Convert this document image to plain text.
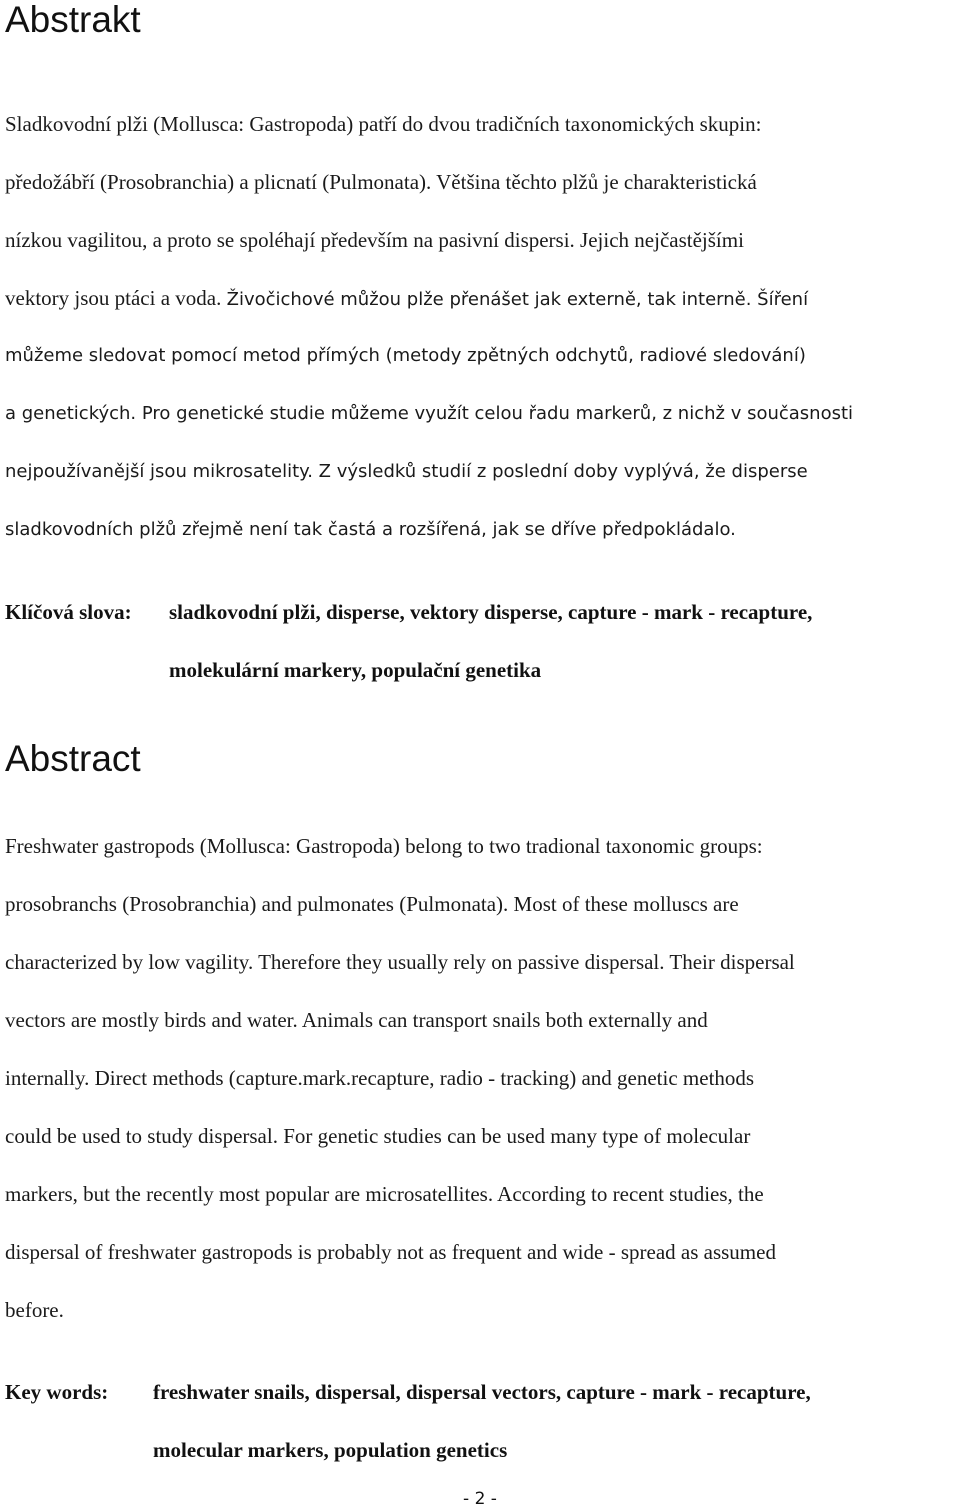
Abstrakt

Sladkovodní plži (Mollusca: Gastropoda) patří do dvou tradičních taxonomických skupin:

předožábří (Prosobranchia) a plicnatí (Pulmonata). Většina těchto plžů je charakteristická

nízkou vagilitou, a proto se spoléhají především na pasivní dispersi. Jejich nejčastějšími

vektory jsou ptáci a voda. Živočichové můžou plže přenášet jak externě, tak interně. Šíření

můžeme sledovat pomocí metod přímých (metody zpětných odchytů, radiové sledování)

a genetických. Pro genetické studie můžeme využít celou řadu markerů, z nichž v současnosti

nejpoužívanější jsou mikrosatelity. Z výsledků studií z poslední doby vyplývá, že disperse

sladkovodních plžů zřejmě není tak častá a rozšířená, jak se dříve předpokládalo.

Klíčová slova: sladkovodní plži, disperse, vektory disperse, capture - mark - recapture,

molekulární markery, populační genetika

Abstract

Freshwater gastropods (Mollusca: Gastropoda) belong to two tradional taxonomic groups:

prosobranchs (Prosobranchia) and pulmonates (Pulmonata). Most of these molluscs are

characterized by low vagility. Therefore they usually rely on passive dispersal. Their dispersal

vectors are mostly birds and water. Animals can transport snails both externally and

internally. Direct methods (capture.mark.recapture, radio - tracking) and genetic methods

could be used to study dispersal. For genetic studies can be used many type of molecular

markers, but the recently most popular are microsatellites. According to recent studies, the

dispersal of freshwater gastropods is probably not as frequent and wide - spread as assumed

before.

Key words: freshwater snails, dispersal, dispersal vectors, capture - mark - recapture,

molecular markers, population genetics

- 2 -
